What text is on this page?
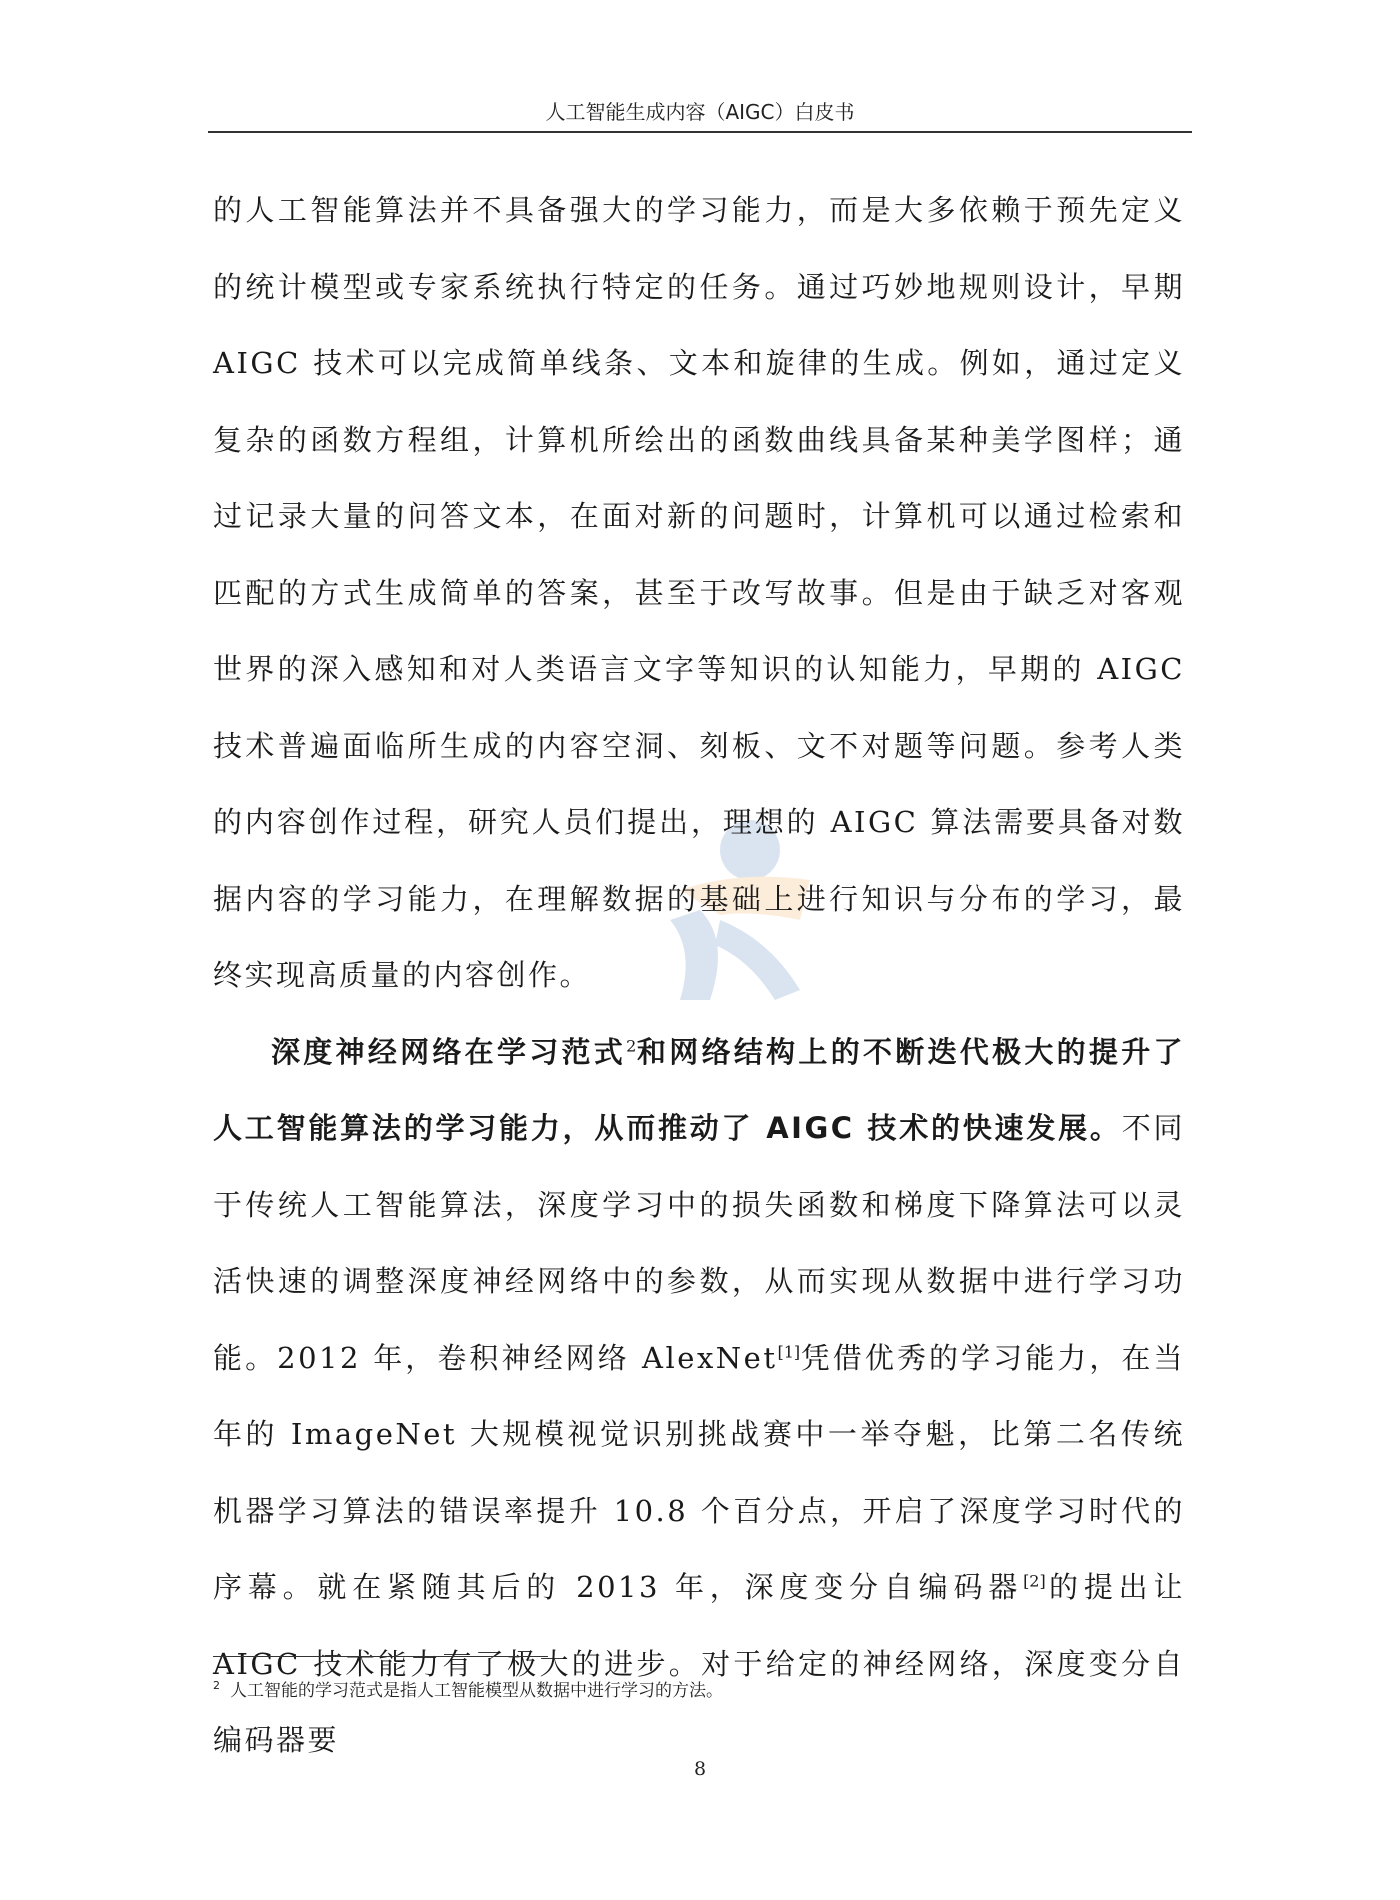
人工智能生成内容（AIGC）白皮书

的人工智能算法并不具备强大的学习能力，而是大多依赖于预先定义的统计模型或专家系统执行特定的任务。通过巧妙地规则设计，早期 AIGC 技术可以完成简单线条、文本和旋律的生成。例如，通过定义复杂的函数方程组，计算机所绘出的函数曲线具备某种美学图样；通过记录大量的问答文本，在面对新的问题时，计算机可以通过检索和匹配的方式生成简单的答案，甚至于改写故事。但是由于缺乏对客观世界的深入感知和对人类语言文字等知识的认知能力，早期的 AIGC 技术普遍面临所生成的内容空洞、刻板、文不对题等问题。参考人类的内容创作过程，研究人员们提出，理想的 AIGC 算法需要具备对数据内容的学习能力，在理解数据的基础上进行知识与分布的学习，最终实现高质量的内容创作。

深度神经网络在学习范式$^2$和网络结构上的不断迭代极大的提升了人工智能算法的学习能力，从而推动了 AIGC 技术的快速发展。不同于传统人工智能算法，深度学习中的损失函数和梯度下降算法可以灵活快速的调整深度神经网络中的参数，从而实现从数据中进行学习功能。2012 年，卷积神经网络 AlexNet[1]凭借优秀的学习能力，在当年的 ImageNet 大规模视觉识别挑战赛中一举夺魁，比第二名传统机器学习算法的错误率提升 10.8 个百分点，开启了深度学习时代的序幕。就在紧随其后的 2013 年，深度变分自编码器[2]的提出让 AIGC 技术能力有了极大的进步。对于给定的神经网络，深度变分自编码器要

$^2$ 人工智能的学习范式是指人工智能模型从数据中进行学习的方法。
8
